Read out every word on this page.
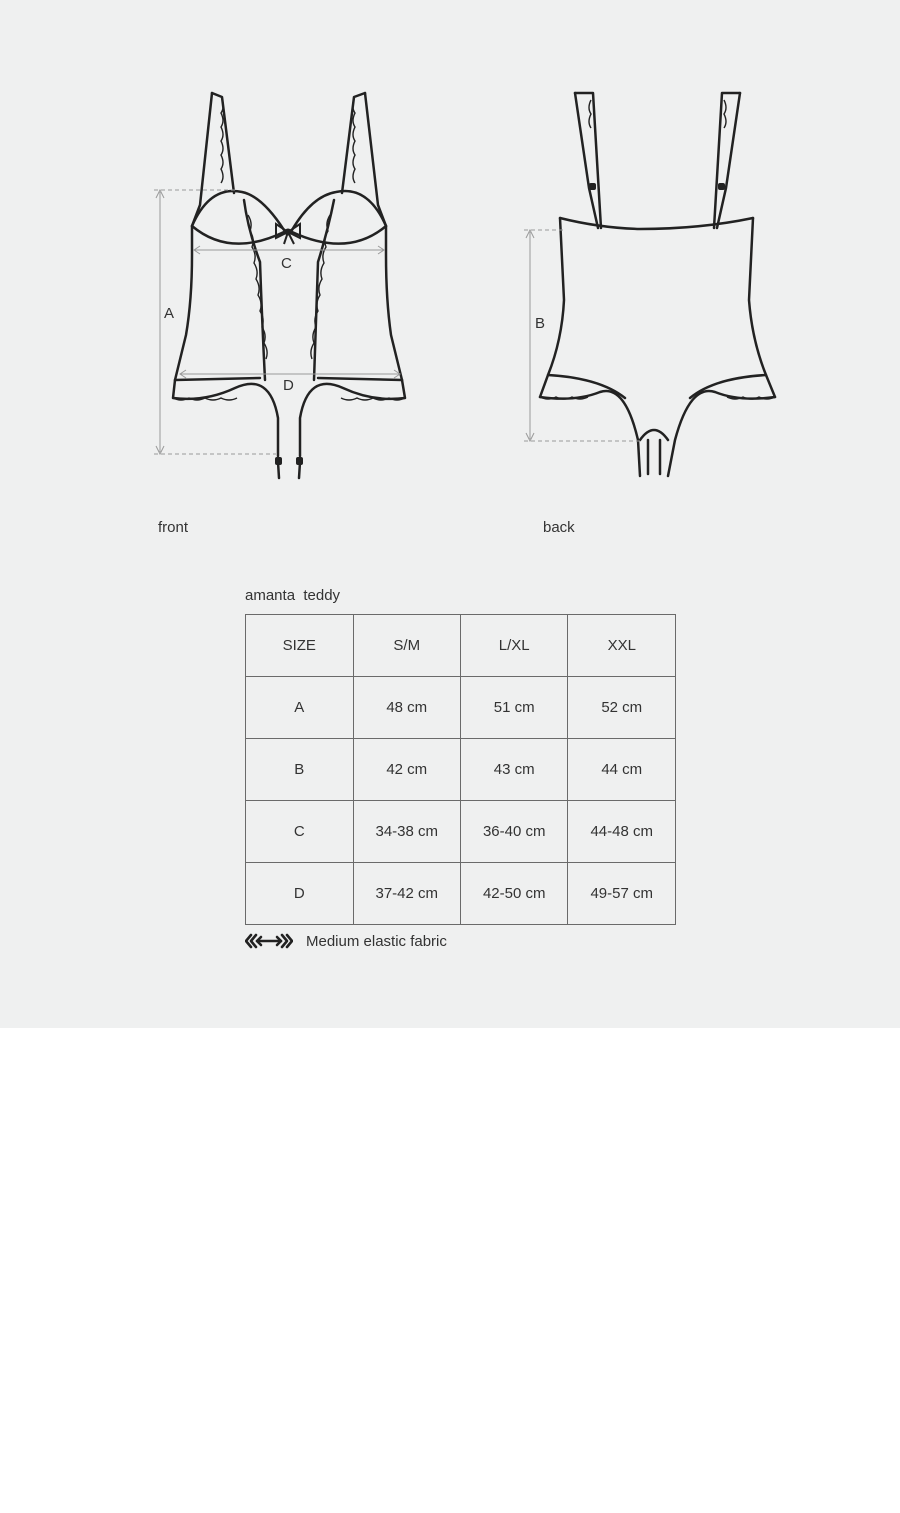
A
C
D
B
front	back
amanta  teddy
SIZE	S/M	L/XL	XXL
A	48 cm	51 cm	52 cm
B	42 cm	43 cm	44 cm
C	34-38 cm	36-40 cm	44-48 cm
D	37-42 cm	42-50 cm	49-57 cm
Medium elastic fabric
